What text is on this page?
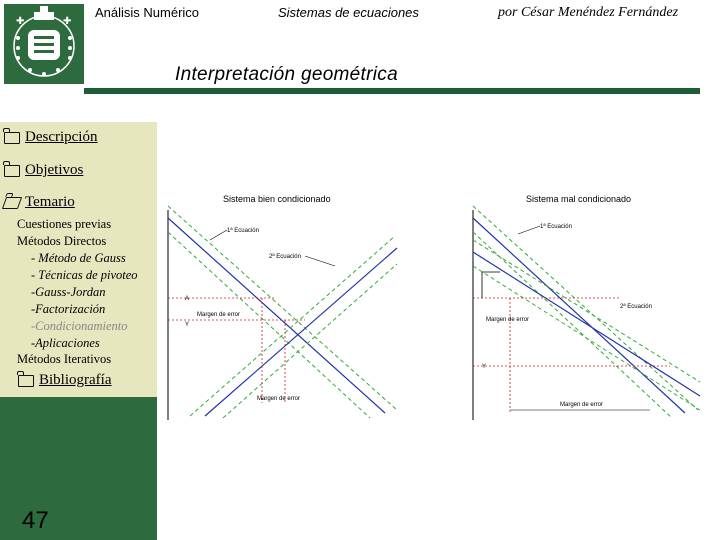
Análisis Numérico	Sistemas de ecuaciones	por César Menéndez Fernández
✚	✚
Interpretación geométrica
Descripción
Objetivos
Temario
Cuestiones previas
Métodos Directos
- Método de Gauss
- Técnicas de pivoteo
-Gauss-Jordan
-Factorización
-Condicionamiento
-Aplicaciones
Métodos Iterativos
Bibliografía
47
Sistema bien condicionado
A
Y
Margen de error
Margen de error
1ª Ecuación
2ª Ecuación
Sistema mal condicionado
Y
Margen de error
Margen de error
1ª Ecuación
2ª Ecuación
